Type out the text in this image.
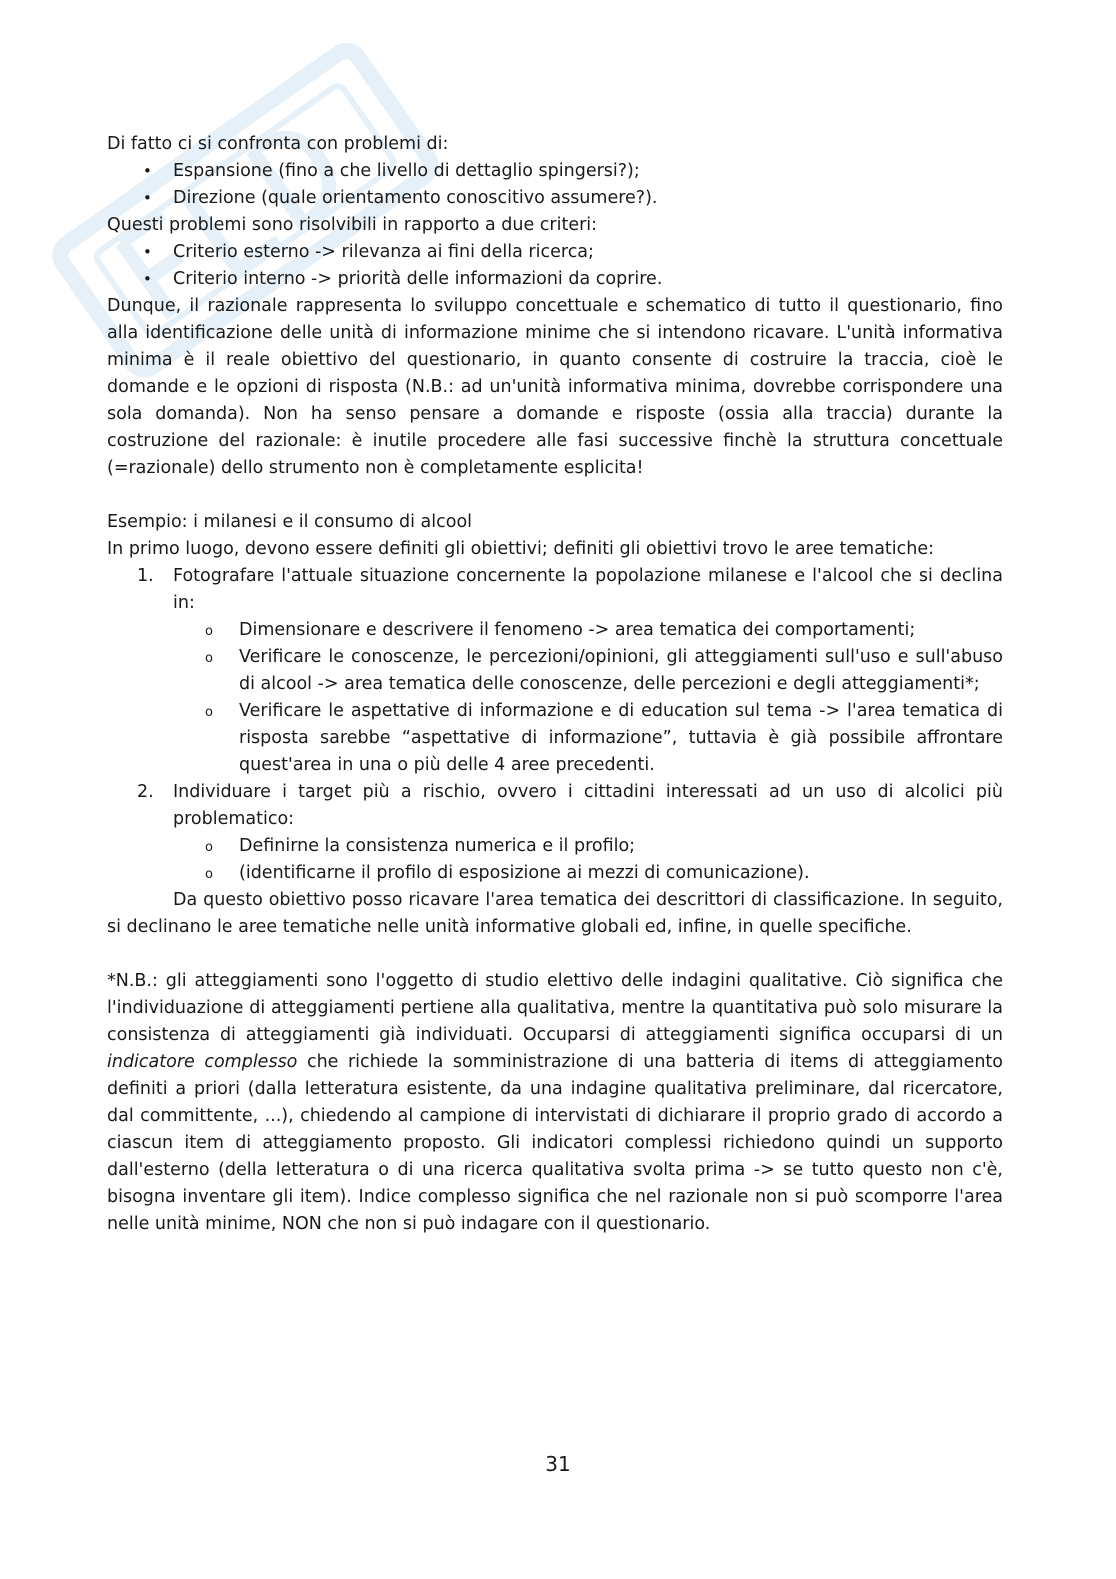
Di fatto ci si confronta con problemi di:

• Espansione (fino a che livello di dettaglio spingersi?);
• Direzione (quale orientamento conoscitivo assumere?).

Questi problemi sono risolvibili in rapporto a due criteri:

• Criterio esterno -> rilevanza ai fini della ricerca;
• Criterio interno -> priorità delle informazioni da coprire.

Dunque, il razionale rappresenta lo sviluppo concettuale e schematico di tutto il questionario, fino alla identificazione delle unità di informazione minime che si intendono ricavare. L'unità informativa minima è il reale obiettivo del questionario, in quanto consente di costruire la traccia, cioè le domande e le opzioni di risposta (N.B.: ad un'unità informativa minima, dovrebbe corrispondere una sola domanda). Non ha senso pensare a domande e risposte (ossia alla traccia) durante la costruzione del razionale: è inutile procedere alle fasi successive finchè la struttura concettuale (=razionale) dello strumento non è completamente esplicita!

Esempio: i milanesi e il consumo di alcool

In primo luogo, devono essere definiti gli obiettivi; definiti gli obiettivi trovo le aree tematiche:

1. Fotografare l'attuale situazione concernente la popolazione milanese e l'alcool che si declina in:
o Dimensionare e descrivere il fenomeno -> area tematica dei comportamenti;
o Verificare le conoscenze, le percezioni/opinioni, gli atteggiamenti sull'uso e sull'abuso di alcool -> area tematica delle conoscenze, delle percezioni e degli atteggiamenti*;
o Verificare le aspettative di informazione e di education sul tema -> l'area tematica di risposta sarebbe “aspettative di informazione”, tuttavia è già possibile affrontare quest'area in una o più delle 4 aree precedenti.
2. Individuare i target più a rischio, ovvero i cittadini interessati ad un uso di alcolici più problematico:
o Definirne la consistenza numerica e il profilo;
o (identificarne il profilo di esposizione ai mezzi di comunicazione).

Da questo obiettivo posso ricavare l'area tematica dei descrittori di classificazione. In seguito, si declinano le aree tematiche nelle unità informative globali ed, infine, in quelle specifiche.

*N.B.: gli atteggiamenti sono l'oggetto di studio elettivo delle indagini qualitative. Ciò significa che l'individuazione di atteggiamenti pertiene alla qualitativa, mentre la quantitativa può solo misurare la consistenza di atteggiamenti già individuati. Occuparsi di atteggiamenti significa occuparsi di un indicatore complesso che richiede la somministrazione di una batteria di items di atteggiamento definiti a priori (dalla letteratura esistente, da una indagine qualitativa preliminare, dal ricercatore, dal committente, ...), chiedendo al campione di intervistati di dichiarare il proprio grado di accordo a ciascun item di atteggiamento proposto. Gli indicatori complessi richiedono quindi un supporto dall'esterno (della letteratura o di una ricerca qualitativa svolta prima -> se tutto questo non c'è, bisogna inventare gli item). Indice complesso significa che nel razionale non si può scomporre l'area nelle unità minime, NON che non si può indagare con il questionario.

31
